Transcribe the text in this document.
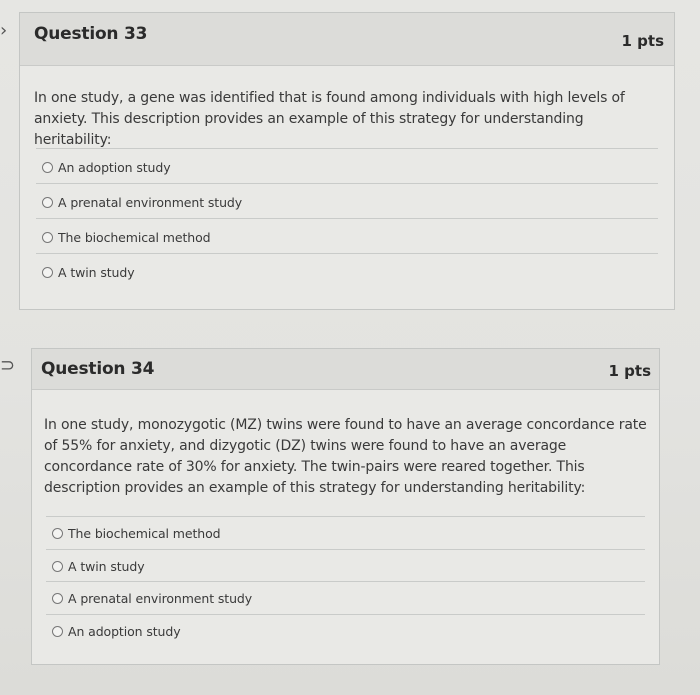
›
⊃
Question 33	1 pts
In one study, a gene was identified that is found among individuals with high levels of anxiety. This description provides an example of this strategy for understanding heritability:
An adoption study
A prenatal environment study
The biochemical method
A twin study
Question 34	1 pts
In one study, monozygotic (MZ) twins were found to have an average concordance rate of 55% for anxiety, and dizygotic (DZ) twins were found to have an average concordance rate of 30% for anxiety. The twin-pairs were reared together. This description provides an example of this strategy for understanding heritability:
The biochemical method
A twin study
A prenatal environment study
An adoption study
